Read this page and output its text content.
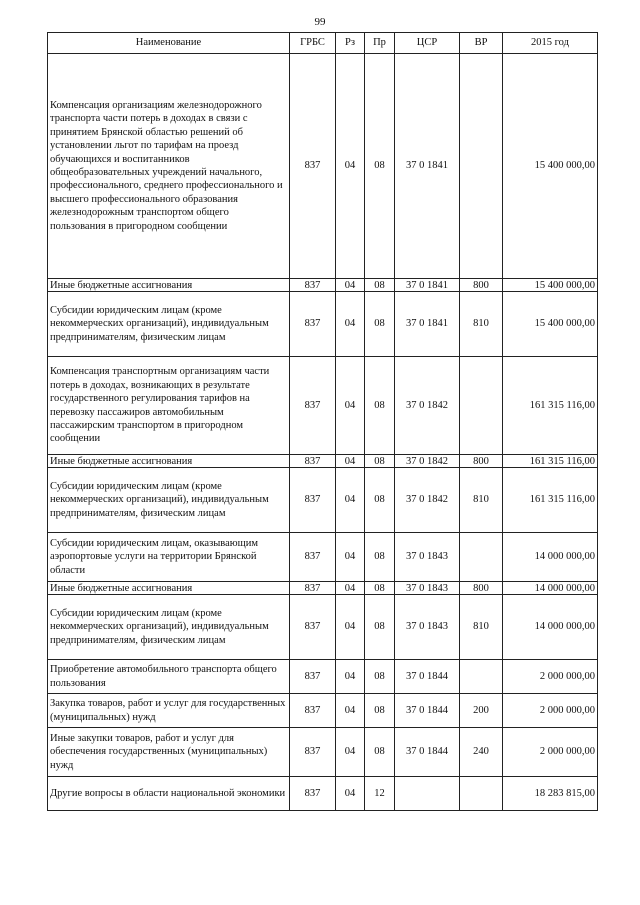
99
Наименование	ГРБС	Рз	Пр	ЦСР	ВР	2015 год
Компенсация организациям железнодорожного транспорта части потерь в доходах в связи с принятием Брянской областью решений об установлении льгот по тарифам на проезд обучающихся и воспитанников общеобразовательных учреждений начального, профессионального, среднего профессионального и высшего профессионального образования железнодорожным транспортом общего пользования в пригородном сообщении	837	04	08	37 0 1841		15 400 000,00
Иные бюджетные ассигнования	837	04	08	37 0 1841	800	15 400 000,00
Субсидии юридическим лицам (кроме некоммерческих организаций), индивидуальным предпринимателям, физическим лицам	837	04	08	37 0 1841	810	15 400 000,00
Компенсация транспортным организациям части потерь в доходах, возникающих в результате государственного регулирования тарифов на перевозку пассажиров автомобильным пассажирским транспортом в пригородном сообщении	837	04	08	37 0 1842		161 315 116,00
Иные бюджетные ассигнования	837	04	08	37 0 1842	800	161 315 116,00
Субсидии юридическим лицам (кроме некоммерческих организаций), индивидуальным предпринимателям, физическим лицам	837	04	08	37 0 1842	810	161 315 116,00
Субсидии юридическим лицам, оказывающим аэропортовые услуги на территории Брянской области	837	04	08	37 0 1843		14 000 000,00
Иные бюджетные ассигнования	837	04	08	37 0 1843	800	14 000 000,00
Субсидии юридическим лицам (кроме некоммерческих организаций), индивидуальным предпринимателям, физическим лицам	837	04	08	37 0 1843	810	14 000 000,00
Приобретение автомобильного транспорта общего пользования	837	04	08	37 0 1844		2 000 000,00
Закупка товаров, работ и услуг для государственных (муниципальных) нужд	837	04	08	37 0 1844	200	2 000 000,00
Иные закупки товаров, работ и услуг для обеспечения государственных (муниципальных) нужд	837	04	08	37 0 1844	240	2 000 000,00
Другие вопросы в области национальной экономики	837	04	12			18 283 815,00
